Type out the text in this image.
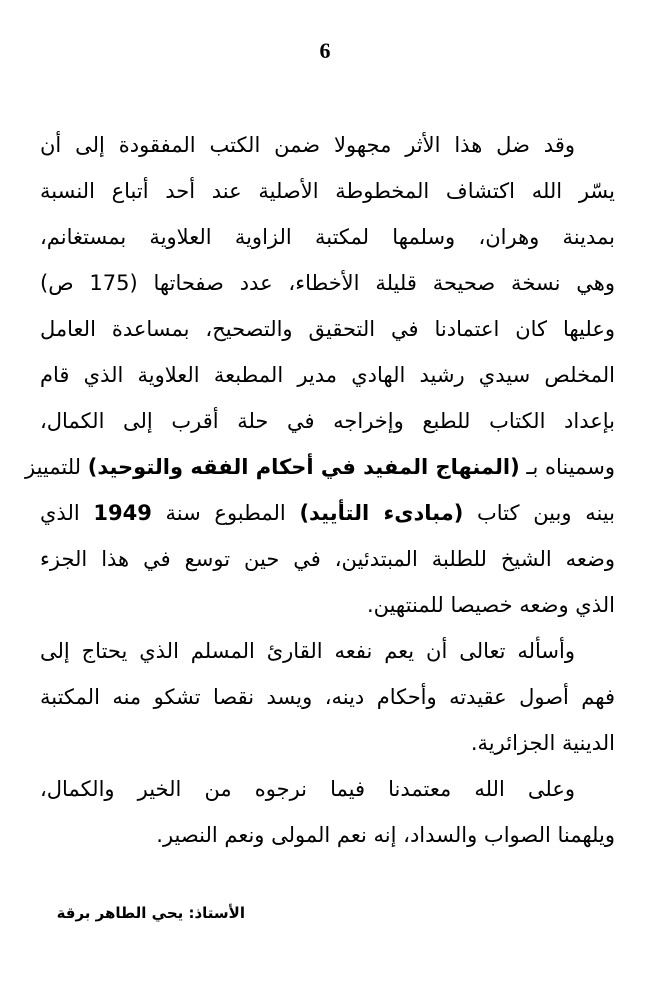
6
وقد ضل هذا الأثر مجهولا ضمن الكتب المفقودة إلى أن
يسّر الله اكتشاف المخطوطة الأصلية عند أحد أتباع النسبة
بمدينة وهران، وسلمها لمكتبة الزاوية العلاوية بمستغانم،
وهي نسخة صحيحة قليلة الأخطاء، عدد صفحاتها (175 ص)
وعليها كان اعتمادنا في التحقيق والتصحيح، بمساعدة العامل
المخلص سيدي رشيد الهادي مدير المطبعة العلاوية الذي قام
بإعداد الكتاب للطبع وإخراجه في حلة أقرب إلى الكمال،
وسميناه بـ (المنهاج المفيد في أحكام الفقه والتوحيد) للتمييز
بينه وبين كتاب (مبادىء التأييد) المطبوع سنة 1949 الذي
وضعه الشيخ للطلبة المبتدئين، في حين توسع في هذا الجزء
الذي وضعه خصيصا للمنتهين.
وأسأله تعالى أن يعم نفعه القارئ المسلم الذي يحتاج إلى
فهم أصول عقيدته وأحكام دينه، ويسد نقصا تشكو منه المكتبة
الدينية الجزائرية.
وعلى الله معتمدنا فيما نرجوه من الخير والكمال،
ويلهمنا الصواب والسداد، إنه نعم المولى ونعم النصير.
الأستاذ: يحي الطاهر برقة
